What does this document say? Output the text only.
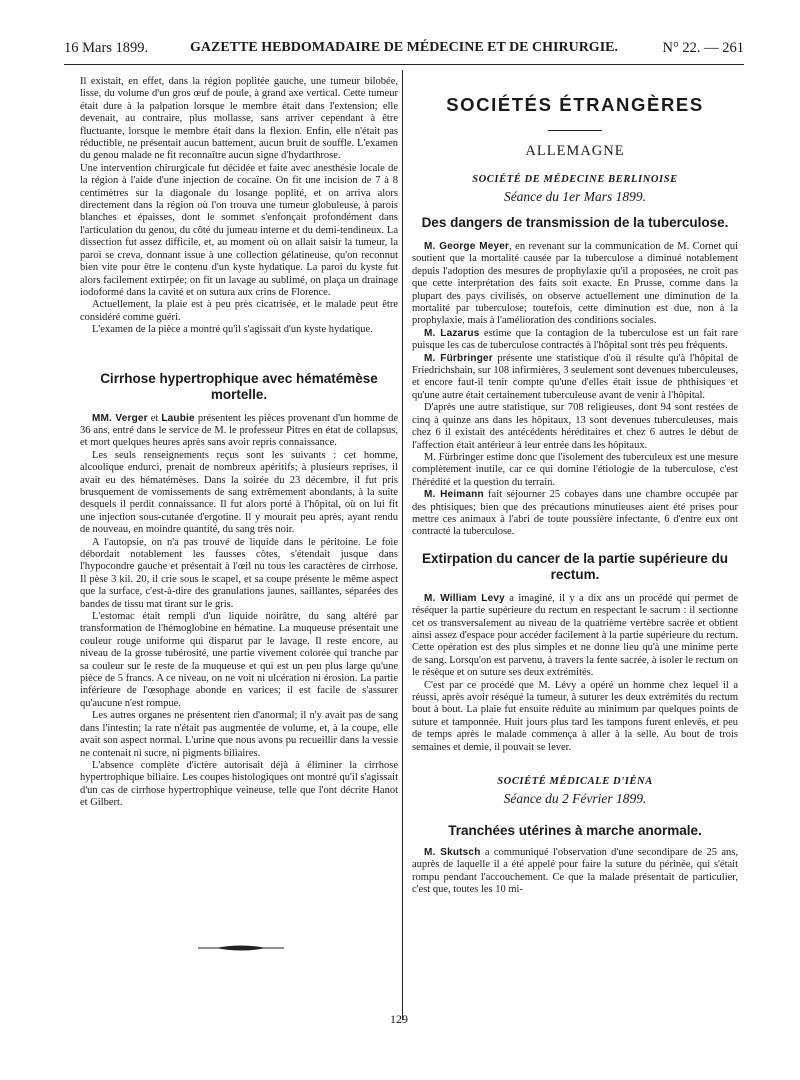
16 Mars 1899.	GAZETTE HEBDOMADAIRE DE MÉDECINE ET DE CHIRURGIE.	N° 22. — 261

Il existait, en effet, dans la région poplitée gauche, une tumeur bilobée, lisse, du volume d'un gros œuf de poule, à grand axe vertical. Cette tumeur était dure à la palpation lorsque le membre était dans l'extension; elle devenait, au contraire, plus mollasse, sans arriver cependant à être fluctuante, lorsque le membre était dans la flexion. Enfin, elle n'était pas réductible, ne présentait aucun battement, aucun bruit de souffle. L'examen du genou malade ne fit reconnaître aucun signe d'hydarthrose.

Une intervention chirurgicale fut décidée et faite avec anesthésie locale de la région à l'aide d'une injection de cocaïne. On fit une incision de 7 à 8 centimètres sur la diagonale du losange poplité, et on arriva alors directement dans la région où l'on trouva une tumeur globuleuse, à parois blanches et épaisses, dont le sommet s'enfonçait profondément dans l'articulation du genou, du côté du jumeau interne et du demi-tendineux. La dissection fut assez difficile, et, au moment où on allait saisir la tumeur, la paroi se creva, donnant issue à une collection gélatineuse, qu'on reconnut bien vite pour être le contenu d'un kyste hydatique. La paroi du kyste fut alors facilement extirpée; on fit un lavage au sublimé, on plaça un drainage iodoformé dans la cavité et on sutura aux crins de Florence.

Actuellement, la plaie est à peu près cicatrisée, et le malade peut être considéré comme guéri.

L'examen de la pièce a montré qu'il s'agissait d'un kyste hydatique.

Cirrhose hypertrophique avec hématémèse mortelle.

MM. Verger et Laubie présentent les pièces provenant d'un homme de 36 ans, entré dans le service de M. le professeur Pitres en état de collapsus, et mort quelques heures après sans avoir repris connaissance.

Les seuls renseignements reçus sont les suivants : cet homme, alcoolique endurci, prenait de nombreux apéritifs; à plusieurs reprises, il avait eu des hématémèses. Dans la soirée du 23 décembre, il fut pris brusquement de vomissements de sang extrêmement abondants, à la suite desquels il perdit connaissance. Il fut alors porté à l'hôpital, où on lui fit une injection sous-cutanée d'ergotine. Il y mourait peu après, ayant rendu de nouveau, en moindre quantité, du sang très noir.

A l'autopsie, on n'a pas trouvé de liquide dans le péritoine. Le foie débordait notablement les fausses côtes, s'étendait jusque dans l'hypocondre gauche et présentait à l'œil nu tous les caractères de cirrhose. Il pèse 3 kil. 20, il crie sous le scapel, et sa coupe présente le même aspect que la surface, c'est-à-dire des granulations jaunes, saillantes, séparées des bandes de tissu mat tirant sur le gris.

L'estomac était rempli d'un liquide noirâtre, du sang altéré par transformation de l'hémoglobine en hématine. La muqueuse présentait une couleur rouge uniforme qui disparut par le lavage. Il reste encore, au niveau de la grosse tubérosité, une partie vivement colorée qui tranche par sa couleur sur le reste de la muqueuse et qui est un peu plus large qu'une pièce de 5 francs. A ce niveau, on ne voit ni ulcération ni érosion. La partie inférieure de l'œsophage abonde en varices; il est facile de s'assurer qu'aucune n'est rompue.

Les autres organes ne présentent rien d'anormal; il n'y avait pas de sang dans l'intestin; la rate n'était pas augmentée de volume, et, à la coupe, elle avait son aspect normal. L'urine que nous avons pu recueillir dans la vessie ne contenait ni sucre, ni pigments biliaires.

L'absence complète d'ictère autorisait déjà à éliminer la cirrhose hypertrophique biliaire. Les coupes histologiques ont montré qu'il s'agissait d'un cas de cirrhose hypertrophique veineuse, telle que l'ont décrite Hanot et Gilbert.

SOCIÉTÉS ÉTRANGÈRES
ALLEMAGNE
SOCIÉTÉ DE MÉDECINE BERLINOISE
Séance du 1er Mars 1899.
Des dangers de transmission de la tuberculose.

M. George Meyer, en revenant sur la communication de M. Cornet qui soutient que la mortalité causée par la tuberculose a diminué notablement depuis l'adoption des mesures de prophylaxie qu'il a proposées, ne croit pas que cette interprétation des faits soit exacte. En Prusse, comme dans la plupart des pays civilisés, on observe actuellement une diminution de la mortalité par tuberculose; toutefois, cette diminution est due, non à la prophylaxie, mais à l'amélioration des conditions sociales.

M. Lazarus estime que la contagion de la tuberculose est un fait rare puisque les cas de tuberculose contractés à l'hôpital sont très peu fréquents.

M. Fürbringer présente une statistique d'où il résulte qu'à l'hôpital de Friedrichshain, sur 108 infirmières, 3 seulement sont devenues tuberculeuses, et encore faut-il tenir compte qu'une d'elles était issue de phthisiques et qu'une autre était certainement tuberculeuse avant de venir à l'hôpital.

D'après une autre statistique, sur 708 religieuses, dont 94 sont restées de cinq à quinze ans dans les hôpitaux, 13 sont devenues tuberculeuses, mais chez 6 il existait des antécédents héréditaires et chez 6 autres le début de l'affection était antérieur à leur entrée dans les hôpitaux.

M. Fürbringer estime donc que l'isolement des tuberculeux est une mesure complètement inutile, car ce qui domine l'étiologie de la tuberculose, c'est l'hérédité et la question du terrain.

M. Heimann fait séjourner 25 cobayes dans une chambre occupée par des phtisiques; bien que des précautions minutieuses aient été prises pour mettre ces animaux à l'abri de toute poussière infectante, 6 d'entre eux ont contracté la tuberculose.

Extirpation du cancer de la partie supérieure du rectum.

M. William Levy a imaginé, il y a dix ans un procédé qui permet de réséquer la partie supérieure du rectum en respectant le sacrum : il sectionne cet os transversalement au niveau de la quatrième vertèbre sacrée et obtient ainsi assez d'espace pour accéder facilement à la partie supérieure du rectum. Cette opération est des plus simples et ne donne lieu qu'à une minime perte de sang. Lorsqu'on est parvenu, à travers la fente sacrée, à isoler le rectum on le résèque et on suture ses deux extrémités.

C'est par ce procédé que M. Lévy a opéré un homme chez lequel il a réussi, après avoir réséqué la tumeur, à suturer les deux extrémités du rectum bout à bout. La plaie fut ensuite réduite au minimum par quelques points de suture et tamponnée. Huit jours plus tard les tampons furent enlevés, et peu de temps après le malade commença à aller à la selle. Au bout de trois semaines et demie, il pouvait se lever.

SOCIÉTÉ MÉDICALE D'IÉNA
Séance du 2 Février 1899.
Tranchées utérines à marche anormale.

M. Skutsch a communiqué l'observation d'une secondipare de 25 ans, auprès de laquelle il a été appelé pour faire la suture du périnée, qui s'était rompu pendant l'accouchement. Ce que la malade présentait de particulier, c'est que, toutes les 10 mi-

129
